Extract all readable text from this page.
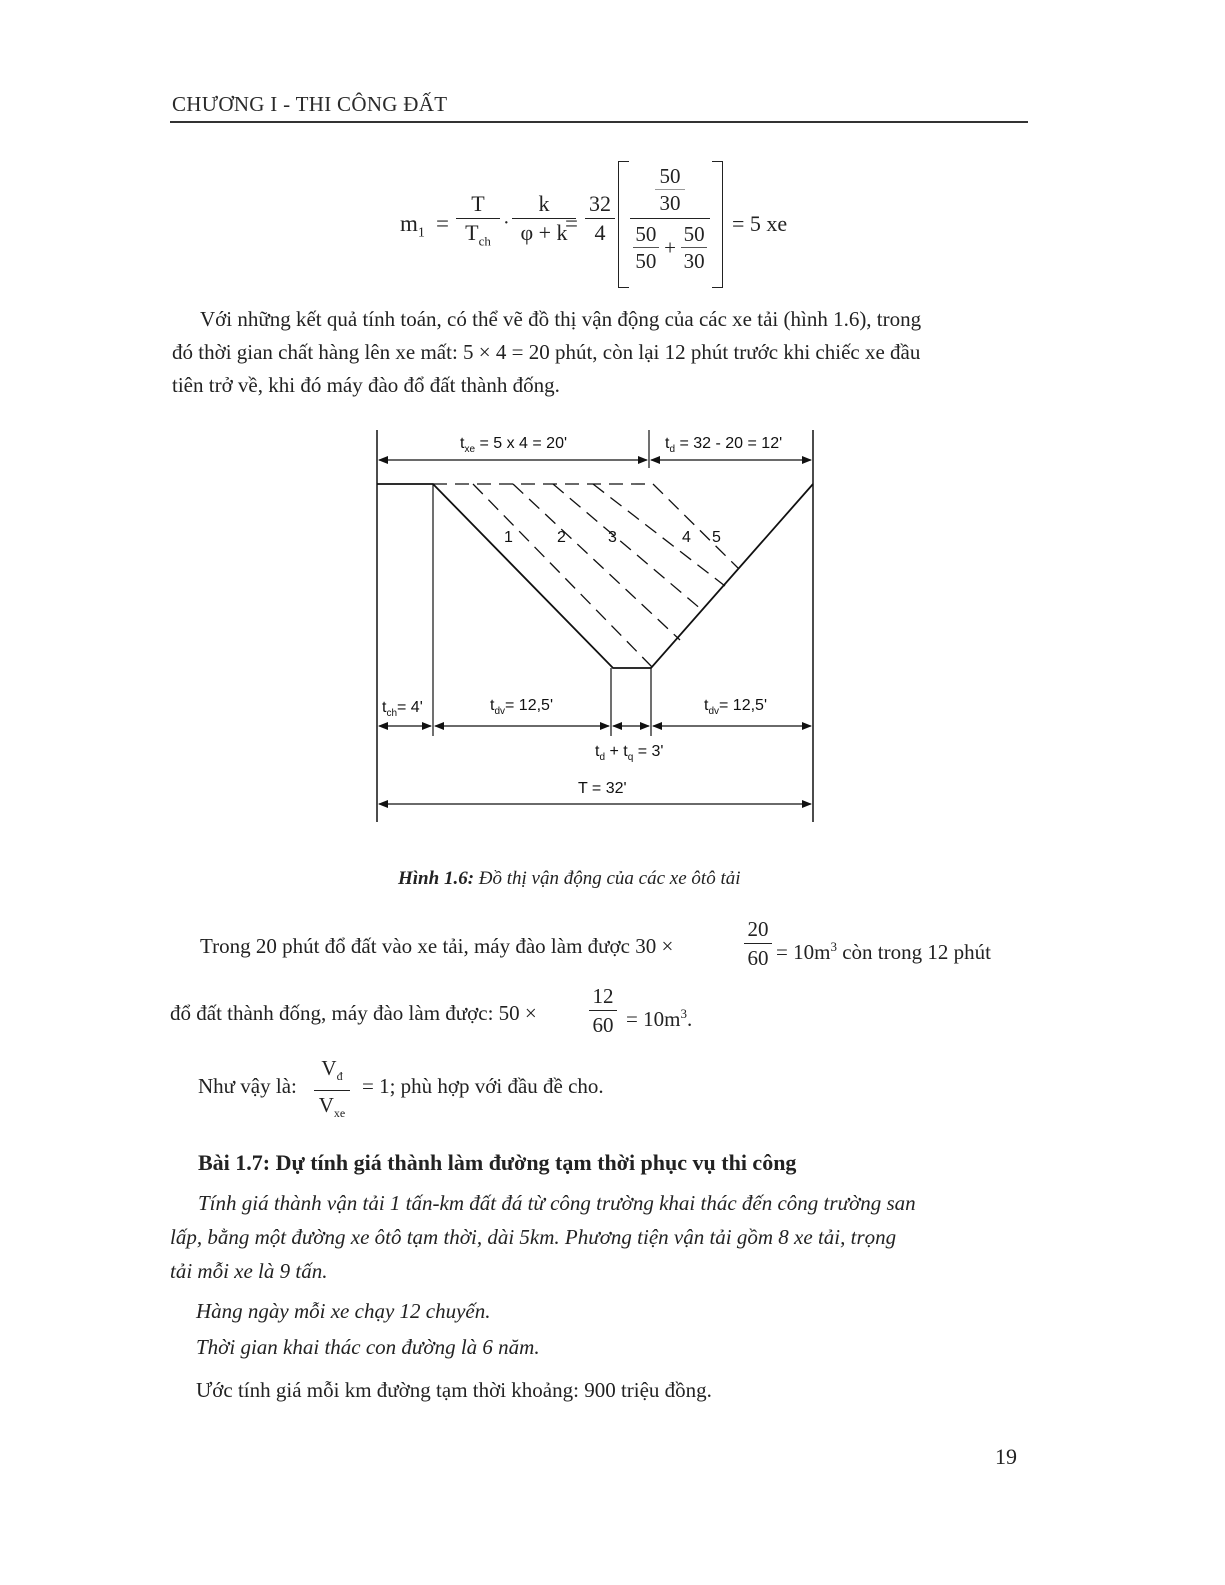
CHƯƠNG I - THI CÔNG ĐẤT
$m_1$ =
T
$T_{ch}$
·
k
φ + k
=
32
4
$\frac{50}{30}$
$\frac{50}{50} + \frac{50}{30} = 5$ xe
Với những kết quả tính toán, có thể vẽ đồ thị vận động của các xe tải (hình 1.6), trong
đó thời gian chất hàng lên xe mất: 5 × 4 = 20 phút, còn lại 12 phút trước khi chiếc xe đầu
tiên trở về, khi đó máy đào đổ đất thành đống.
$t_{xe} = 5$ x 4 = 20'	$t_d = 32 - 20 = 12'$
1	2	3	4 5
$t_{ch}= 4'$	$t_{dv}= 12,5'$	$t_{dv}= 12,5'$
$t_d + t_q = 3'$
T = 32'
Hình 1.6: Đồ thị vận động của các xe ôtô tải
Trong 20 phút đổ đất vào xe tải, máy đào làm được 30 ×
20
$60 = 10m^3$ còn trong 12 phút
đổ đất thành đống, máy đào làm được: 50 ×
12
$60 = 10m^3$.
Như vậy là:
$V_đ$
$V_{xe}$
= 1; phù hợp với đầu đề cho.
Bài 1.7: Dự tính giá thành làm đường tạm thời phục vụ thi công
Tính giá thành vận tải 1 tấn-km đất đá từ công trường khai thác đến công trường san
lấp, bằng một đường xe ôtô tạm thời, dài 5km. Phương tiện vận tải gồm 8 xe tải, trọng
tải mỗi xe là 9 tấn.
Hàng ngày mỗi xe chạy 12 chuyến.
Thời gian khai thác con đường là 6 năm.
Ước tính giá mỗi km đường tạm thời khoảng: 900 triệu đồng.
19
